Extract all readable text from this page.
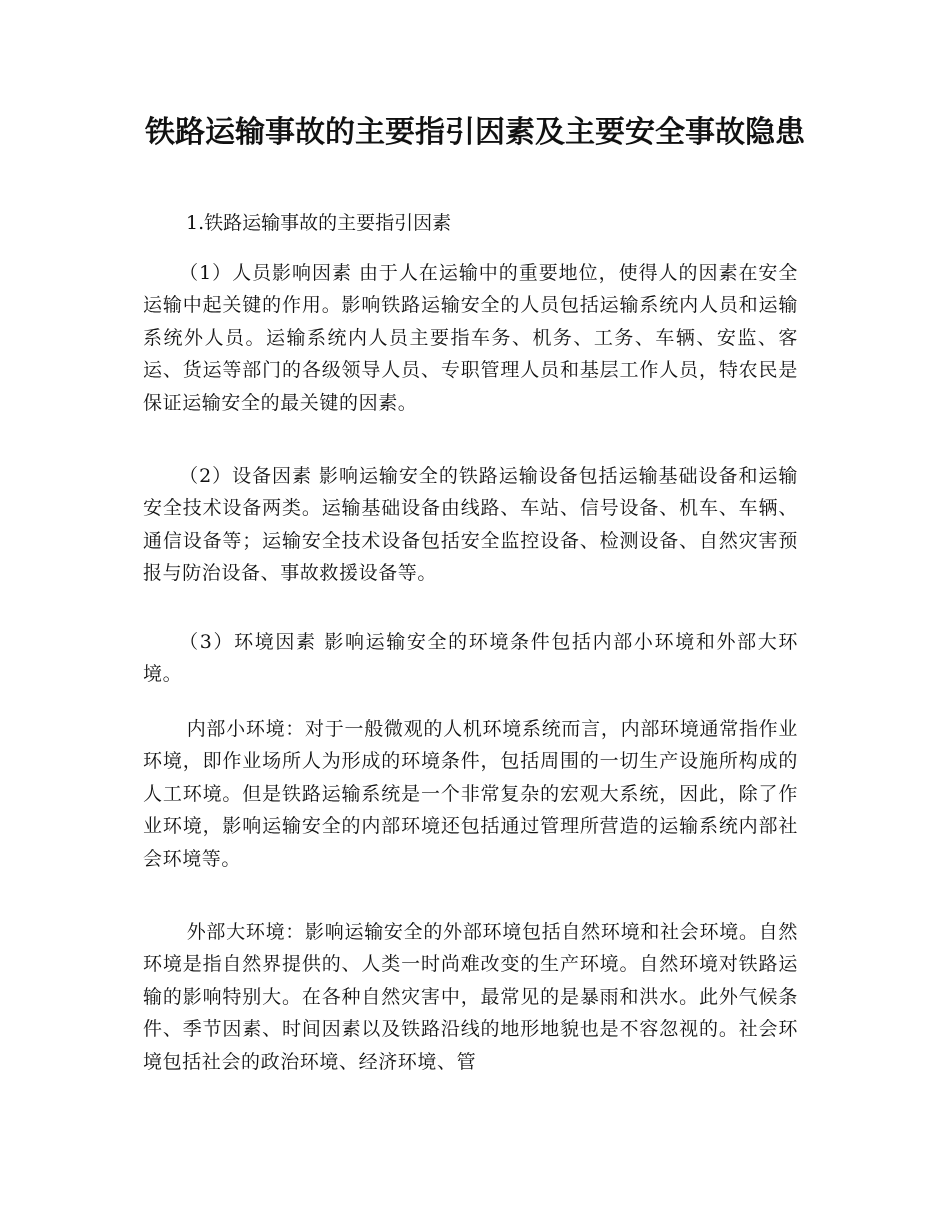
铁路运输事故的主要指引因素及主要安全事故隐患

1.铁路运输事故的主要指引因素

（1）人员影响因素 由于人在运输中的重要地位，使得人的因素在安全运输中起关键的作用。影响铁路运输安全的人员包括运输系统内人员和运输系统外人员。运输系统内人员主要指车务、机务、工务、车辆、安监、客运、货运等部门的各级领导人员、专职管理人员和基层工作人员，特农民是保证运输安全的最关键的因素。

（2）设备因素 影响运输安全的铁路运输设备包括运输基础设备和运输安全技术设备两类。运输基础设备由线路、车站、信号设备、机车、车辆、通信设备等；运输安全技术设备包括安全监控设备、检测设备、自然灾害预报与防治设备、事故救援设备等。

（3）环境因素 影响运输安全的环境条件包括内部小环境和外部大环境。

内部小环境：对于一般微观的人机环境系统而言，内部环境通常指作业环境，即作业场所人为形成的环境条件，包括周围的一切生产设施所构成的人工环境。但是铁路运输系统是一个非常复杂的宏观大系统，因此，除了作业环境，影响运输安全的内部环境还包括通过管理所营造的运输系统内部社会环境等。

外部大环境：影响运输安全的外部环境包括自然环境和社会环境。自然环境是指自然界提供的、人类一时尚难改变的生产环境。自然环境对铁路运输的影响特别大。在各种自然灾害中，最常见的是暴雨和洪水。此外气候条件、季节因素、时间因素以及铁路沿线的地形地貌也是不容忽视的。社会环境包括社会的政治环境、经济环境、管
